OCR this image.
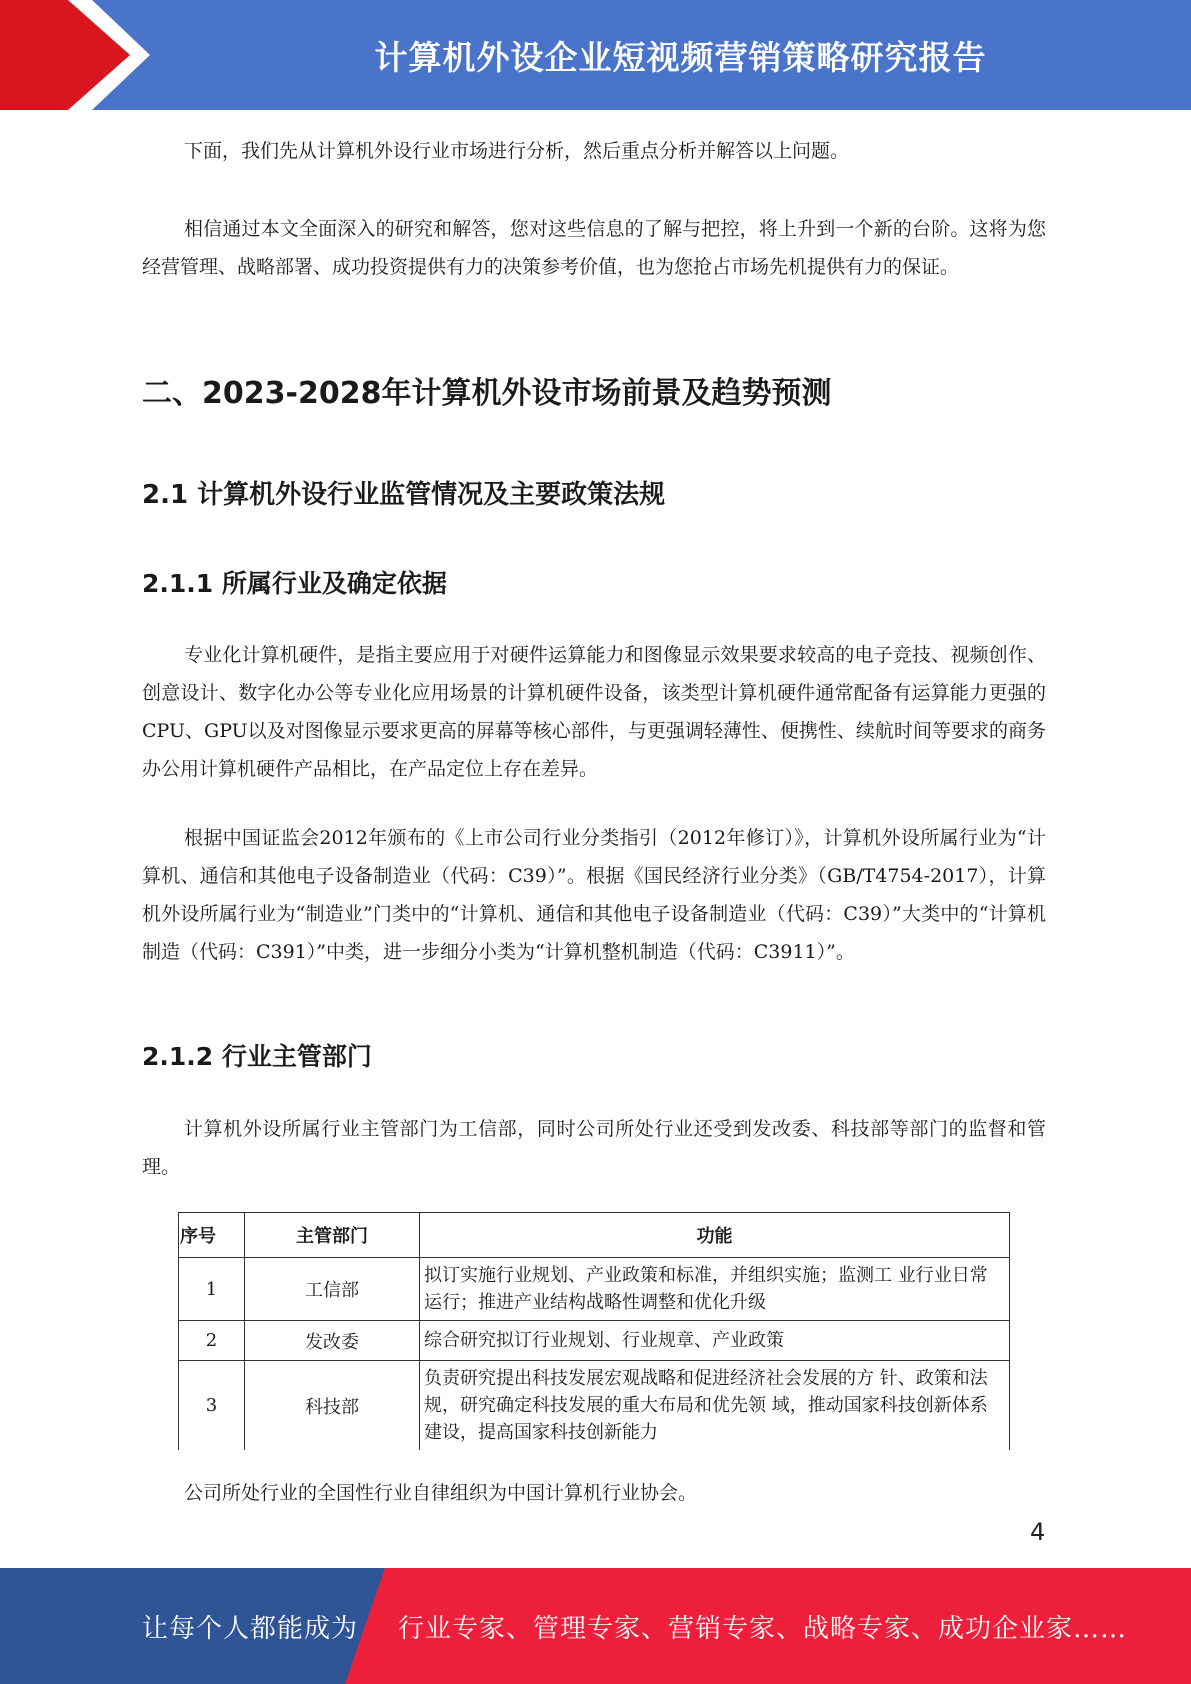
计算机外设企业短视频营销策略研究报告

下面，我们先从计算机外设行业市场进行分析，然后重点分析并解答以上问题。

相信通过本文全面深入的研究和解答，您对这些信息的了解与把控，将上升到一个新的台阶。这将为您经营管理、战略部署、成功投资提供有力的决策参考价值，也为您抢占市场先机提供有力的保证。

二、2023-2028年计算机外设市场前景及趋势预测
2.1 计算机外设行业监管情况及主要政策法规
2.1.1 所属行业及确定依据

专业化计算机硬件，是指主要应用于对硬件运算能力和图像显示效果要求较高的电子竞技、视频创作、创意设计、数字化办公等专业化应用场景的计算机硬件设备，该类型计算机硬件通常配备有运算能力更强的CPU、GPU以及对图像显示要求更高的屏幕等核心部件，与更强调轻薄性、便携性、续航时间等要求的商务办公用计算机硬件产品相比，在产品定位上存在差异。

根据中国证监会2012年颁布的《上市公司行业分类指引（2012年修订）》，计算机外设所属行业为“计算机、通信和其他电子设备制造业（代码：C39）”。根据《国民经济行业分类》（GB/T4754-2017），计算机外设所属行业为“制造业”门类中的“计算机、通信和其他电子设备制造业（代码：C39）”大类中的“计算机制造（代码：C391）”中类，进一步细分小类为“计算机整机制造（代码：C3911）”。

2.1.2 行业主管部门

计算机外设所属行业主管部门为工信部，同时公司所处行业还受到发改委、科技部等部门的监督和管理。

序号	主管部门	功能
1	工信部	拟订实施行业规划、产业政策和标准，并组织实施；监测工 业行业日常运行；推进产业结构战略性调整和优化升级
2	发改委	综合研究拟订行业规划、行业规章、产业政策
3	科技部	负责研究提出科技发展宏观战略和促进经济社会发展的方 针、政策和法规，研究确定科技发展的重大布局和优先领 域，推动国家科技创新体系建设，提高国家科技创新能力

公司所处行业的全国性行业自律组织为中国计算机行业协会。

4
让每个人都能成为 行业专家、管理专家、营销专家、战略专家、成功企业家……
